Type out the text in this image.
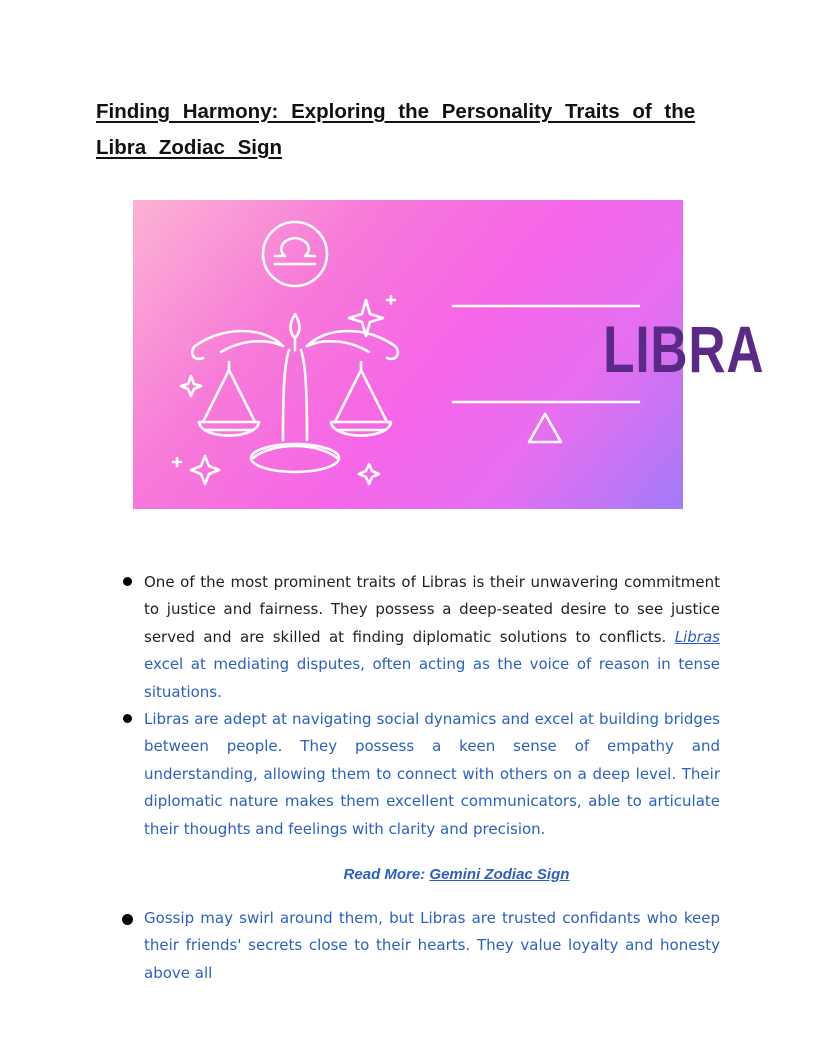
Finding Harmony: Exploring the Personality Traits of the Libra Zodiac Sign
LIBRA
One of the most prominent traits of Libras is their unwavering commitment to justice and fairness. They possess a deep-seated desire to see justice served and are skilled at finding diplomatic solutions to conflicts. Libras excel at mediating disputes, often acting as the voice of reason in tense situations.
Libras are adept at navigating social dynamics and excel at building bridges between people. They possess a keen sense of empathy and understanding, allowing them to connect with others on a deep level. Their diplomatic nature makes them excellent communicators, able to articulate their thoughts and feelings with clarity and precision.
Read More: Gemini Zodiac Sign
Gossip may swirl around them, but Libras are trusted confidants who keep their friends' secrets close to their hearts. They value loyalty and honesty above all
